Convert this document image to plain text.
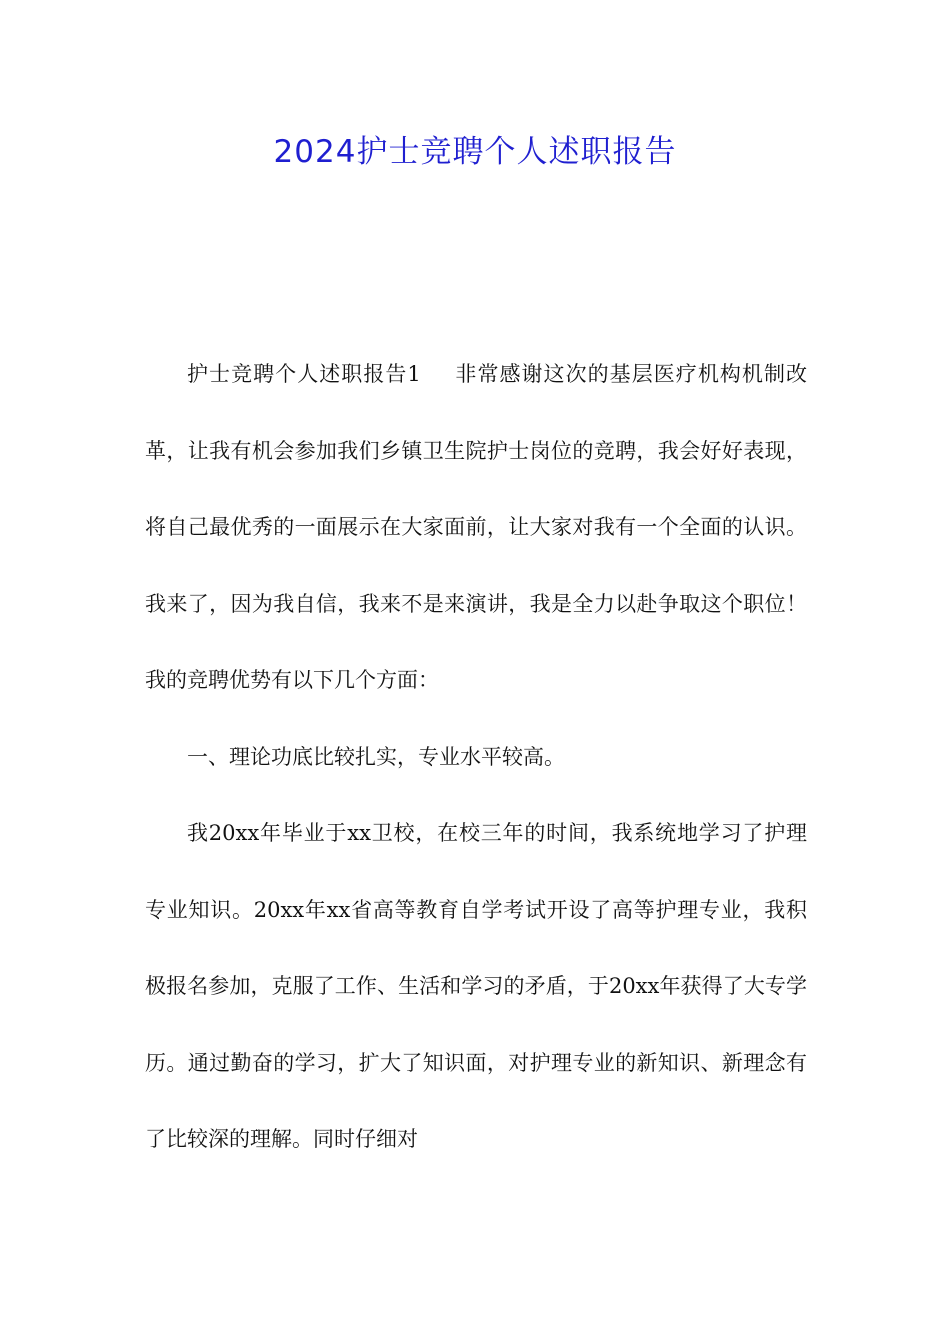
2024护士竞聘个人述职报告

护士竞聘个人述职报告1 非常感谢这次的基层医疗机构机制改革，让我有机会参加我们乡镇卫生院护士岗位的竞聘，我会好好表现，将自己最优秀的一面展示在大家面前，让大家对我有一个全面的认识。 我来了，因为我自信，我来不是来演讲，我是全力以赴争取这个职位！我的竞聘优势有以下几个方面：

一、理论功底比较扎实，专业水平较高。

我20xx年毕业于xx卫校，在校三年的时间，我系统地学习了护理专业知识。20xx年xx省高等教育自学考试开设了高等护理专业，我积极报名参加，克服了工作、生活和学习的矛盾，于20xx年获得了大专学历。通过勤奋的学习，扩大了知识面，对护理专业的新知识、新理念有了比较深的理解。同时仔细对
